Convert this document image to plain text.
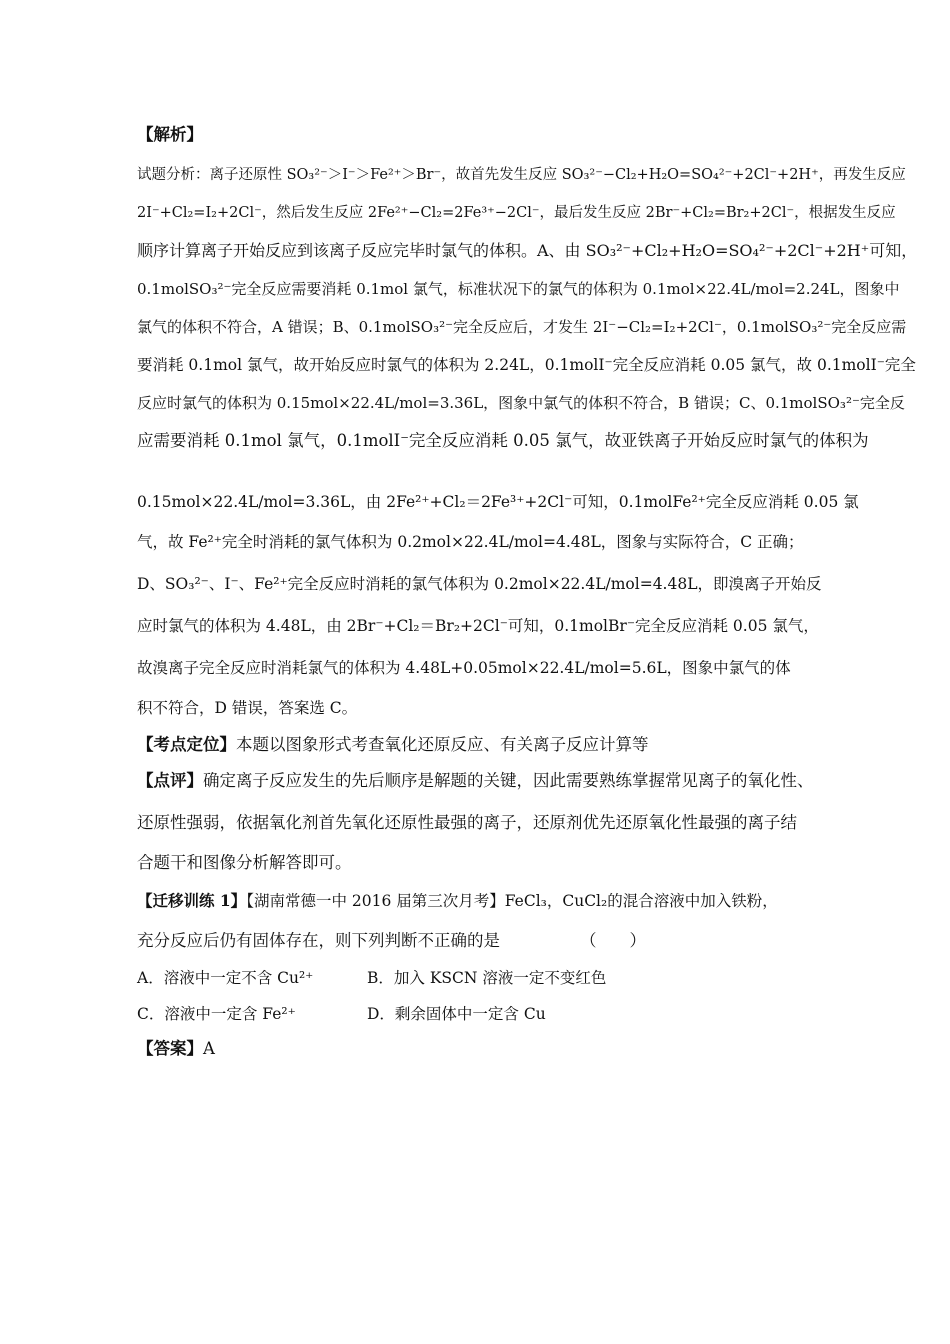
【解析】
试题分析：离子还原性 SO₃²⁻＞I⁻＞Fe²⁺＞Br⁻，故首先发生反应 SO₃²⁻−Cl₂+H₂O=SO₄²⁻+2Cl⁻+2H⁺，再发生反应
2I⁻+Cl₂=I₂+2Cl⁻，然后发生反应 2Fe²⁺−Cl₂=2Fe³⁺−2Cl⁻，最后发生反应 2Br⁻+Cl₂=Br₂+2Cl⁻，根据发生反应
顺序计算离子开始反应到该离子反应完毕时氯气的体积。A、由 SO₃²⁻+Cl₂+H₂O=SO₄²⁻+2Cl⁻+2H⁺可知，
0.1molSO₃²⁻完全反应需要消耗 0.1mol 氯气，标准状况下的氯气的体积为 0.1mol×22.4L/mol=2.24L，图象中
氯气的体积不符合，A 错误；B、0.1molSO₃²⁻完全反应后，才发生 2I⁻−Cl₂=I₂+2Cl⁻，0.1molSO₃²⁻完全反应需
要消耗 0.1mol 氯气，故开始反应时氯气的体积为 2.24L，0.1molI⁻完全反应消耗 0.05 氯气，故 0.1molI⁻完全
反应时氯气的体积为 0.15mol×22.4L/mol=3.36L，图象中氯气的体积不符合，B 错误；C、0.1molSO₃²⁻完全反
应需要消耗 0.1mol 氯气，0.1molI⁻完全反应消耗 0.05 氯气，故亚铁离子开始反应时氯气的体积为
0.15mol×22.4L/mol=3.36L，由 2Fe²⁺+Cl₂＝2Fe³⁺+2Cl⁻可知，0.1molFe²⁺完全反应消耗 0.05 氯
气，故 Fe²⁺完全时消耗的氯气体积为 0.2mol×22.4L/mol=4.48L，图象与实际符合，C 正确；
D、SO₃²⁻、I⁻、Fe²⁺完全反应时消耗的氯气体积为 0.2mol×22.4L/mol=4.48L，即溴离子开始反
应时氯气的体积为 4.48L，由 2Br⁻+Cl₂＝Br₂+2Cl⁻可知，0.1molBr⁻完全反应消耗 0.05 氯气，
故溴离子完全反应时消耗氯气的体积为 4.48L+0.05mol×22.4L/mol=5.6L，图象中氯气的体
积不符合，D 错误，答案选 C。
【考点定位】本题以图象形式考查氧化还原反应、有关离子反应计算等
【点评】确定离子反应发生的先后顺序是解题的关键，因此需要熟练掌握常见离子的氧化性、
还原性强弱，依据氧化剂首先氧化还原性最强的离子，还原剂优先还原氧化性最强的离子结
合题干和图像分析解答即可。
【迁移训练 1】【湖南常德一中 2016 届第三次月考】FeCl₃，CuCl₂的混合溶液中加入铁粉，
充分反应后仍有固体存在，则下列判断不正确的是	（　　）
A．溶液中一定不含 Cu²⁺	B．加入 KSCN 溶液一定不变红色
C．溶液中一定含 Fe²⁺	D．剩余固体中一定含 Cu
【答案】A
